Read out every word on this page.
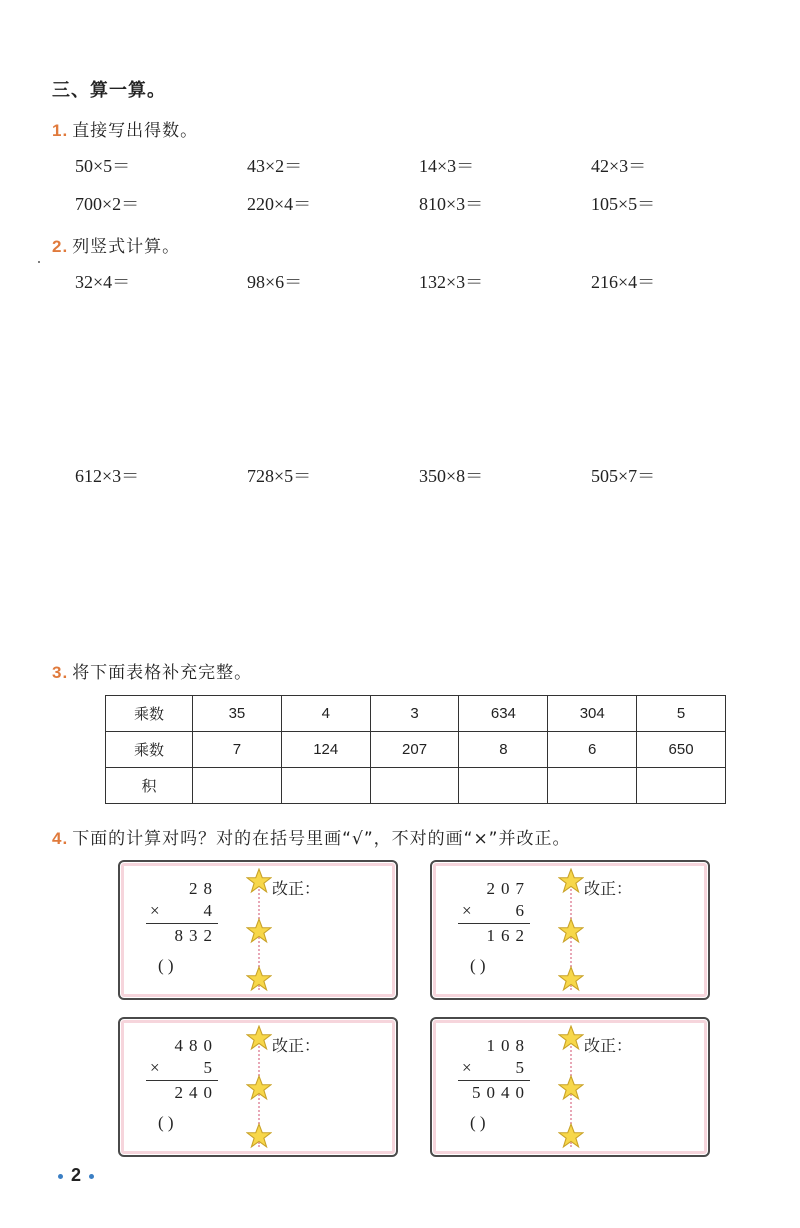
三、算一算。
1. 直接写出得数。
50×5＝	43×2＝	14×3＝	42×3＝
700×2＝	220×4＝	810×3＝	105×5＝
2. 列竖式计算。
32×4＝	98×6＝	132×3＝	216×4＝
612×3＝	728×5＝	350×8＝	505×7＝
3. 将下面表格补充完整。
乘数	35	4	3	634	304	5
乘数	7	124	207	8	6	650
积						
4. 下面的计算对吗？对的在括号里画“√”，不对的画“×”并改正。
28
×	4
832
( )
改正：	207
×	6
162
( )
改正：
480
×	5
240
( )
改正：	108
×	5
5040
( )
改正：
2
